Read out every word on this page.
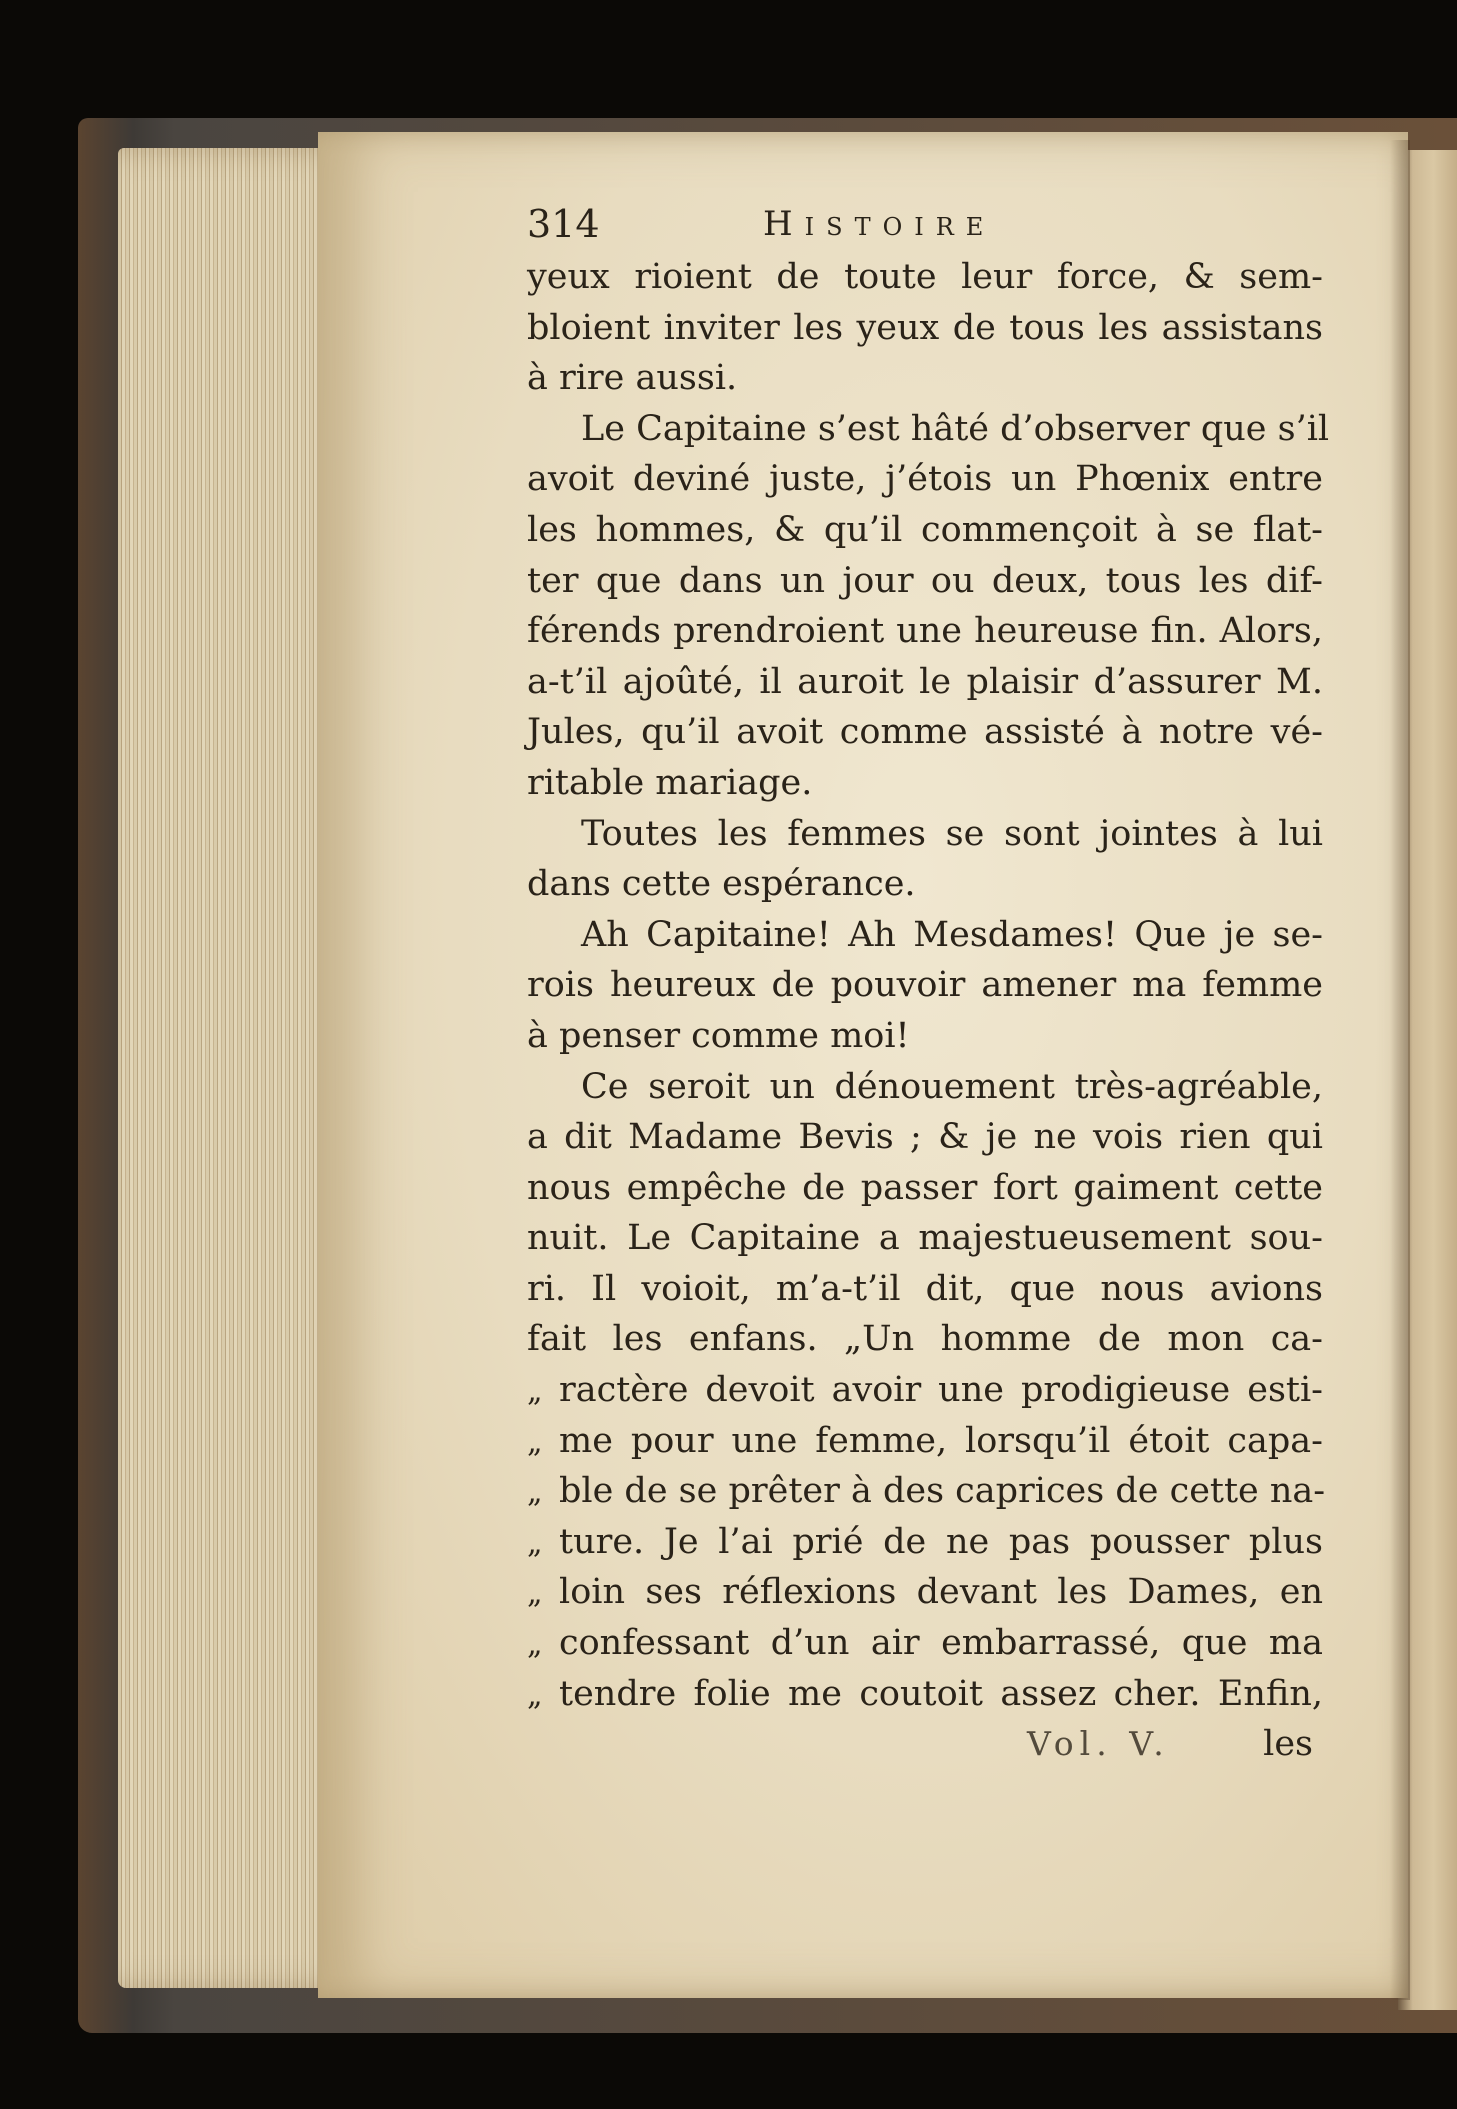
314	Histoire
yeux rioient de toute leur force, & sem-
bloient inviter les yeux de tous les assistans
à rire aussi.
Le Capitaine s’est hâté d’observer que s’il
avoit deviné juste, j’étois un Phœnix entre
les hommes, & qu’il commençoit à se flat-
ter que dans un jour ou deux, tous les dif-
férends prendroient une heureuse fin. Alors,
a-t’il ajoûté, il auroit le plaisir d’assurer M.
Jules, qu’il avoit comme assisté à notre vé-
ritable mariage.
Toutes les femmes se sont jointes à lui
dans cette espérance.
Ah Capitaine! Ah Mesdames! Que je se-
rois heureux de pouvoir amener ma femme
à penser comme moi!
Ce seroit un dénouement très-agréable,
a dit Madame Bevis ; & je ne vois rien qui
nous empêche de passer fort gaiment cette
nuit. Le Capitaine a majestueusement sou-
ri. Il voioit, m’a-t’il dit, que nous avions
fait les enfans. „Un homme de mon ca-
„ ractère devoit avoir une prodigieuse esti-
„ me pour une femme, lorsqu’il étoit capa-
„ ble de se prêter à des caprices de cette na-
„ ture. Je l’ai prié de ne pas pousser plus
„ loin ses réflexions devant les Dames, en
„ confessant d’un air embarrassé, que ma
„ tendre folie me coutoit assez cher. Enfin,
Vol. V.	les
